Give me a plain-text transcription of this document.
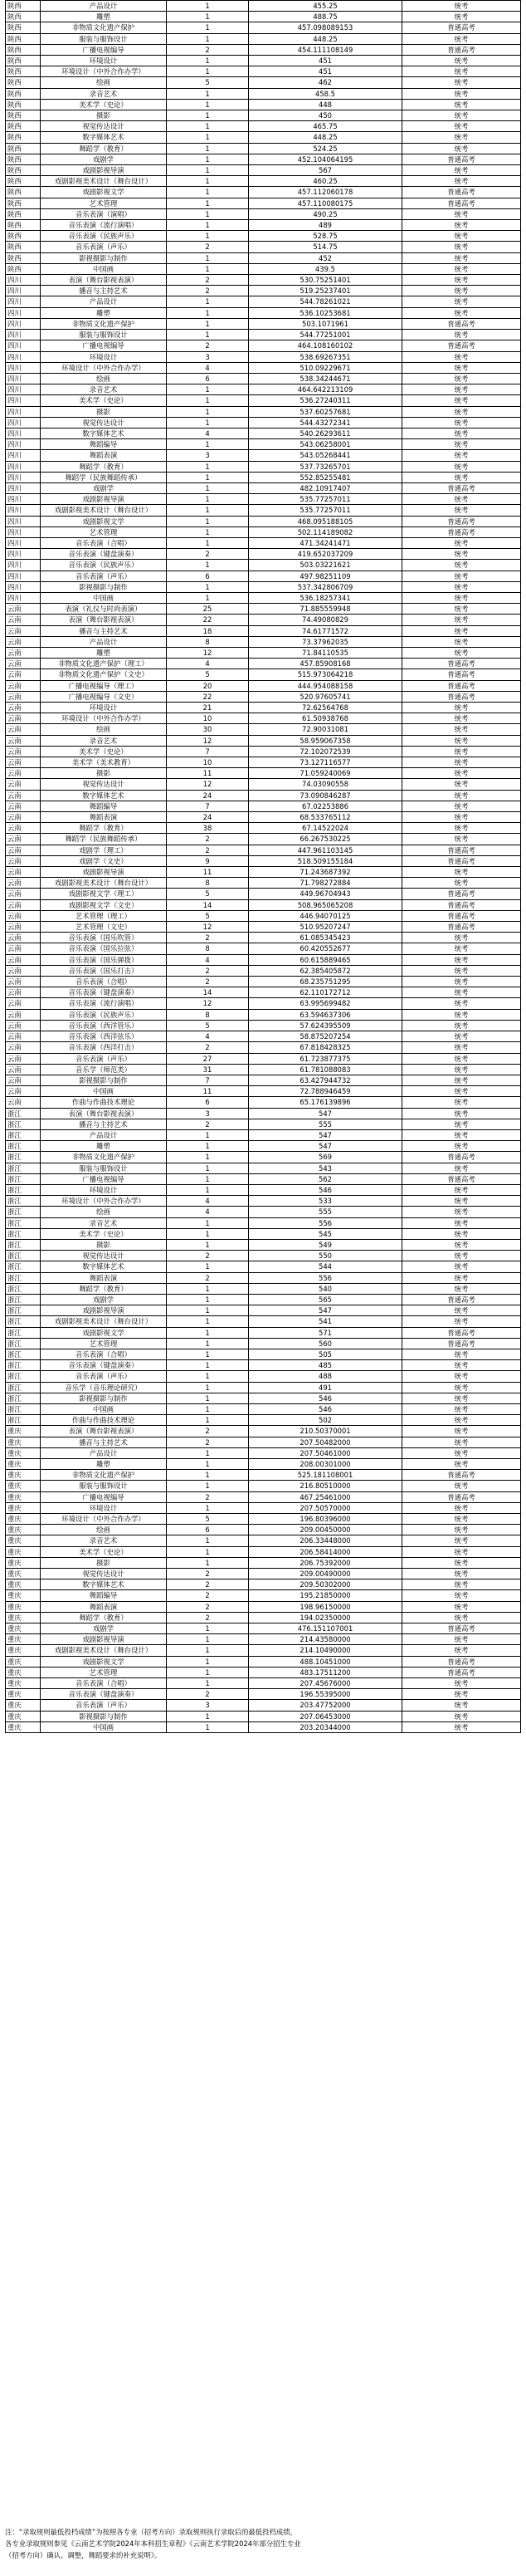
陕西	产品设计	1	455.25	统考
陕西	雕塑	1	488.75	统考
陕西	非物质文化遗产保护	1	457.098089153	普通高考
陕西	服装与服饰设计	1	448.25	统考
陕西	广播电视编导	2	454.111108149	普通高考
陕西	环境设计	1	451	统考
陕西	环境设计（中外合作办学）	1	451	统考
陕西	绘画	5	462	统考
陕西	录音艺术	1	458.5	统考
陕西	美术学（史论）	1	448	统考
陕西	摄影	1	450	统考
陕西	视觉传达设计	1	465.75	统考
陕西	数字媒体艺术	1	448.25	统考
陕西	舞蹈学（教育）	1	524.25	统考
陕西	戏剧学	1	452.104064195	普通高考
陕西	戏剧影视导演	1	567	统考
陕西	戏剧影视美术设计（舞台设计）	1	460.25	统考
陕西	戏剧影视文学	1	457.112060178	普通高考
陕西	艺术管理	1	457.110080175	普通高考
陕西	音乐表演（演唱）	1	490.25	统考
陕西	音乐表演（流行演唱）	1	489	统考
陕西	音乐表演（民族声乐）	1	528.75	统考
陕西	音乐表演（声乐）	2	514.75	统考
陕西	影视摄影与制作	1	452	统考
陕西	中国画	1	439.5	统考
四川	表演（舞台影视表演）	2	530.75251401	统考
四川	播音与主持艺术	2	519.25237401	统考
四川	产品设计	1	544.78261021	统考
四川	雕塑	1	536.10253681	统考
四川	非物质文化遗产保护	1	503.1071961	普通高考
四川	服装与服饰设计	1	544.77251001	统考
四川	广播电视编导	2	464.108160102	普通高考
四川	环境设计	3	538.69267351	统考
四川	环境设计（中外合作办学）	4	510.09229671	统考
四川	绘画	6	538.34244671	统考
四川	录音艺术	1	464.642213109	统考
四川	美术学（史论）	1	536.27240311	统考
四川	摄影	1	537.60257681	统考
四川	视觉传达设计	1	544.43272341	统考
四川	数字媒体艺术	4	540.26293611	统考
四川	舞蹈编导	1	543.06258001	统考
四川	舞蹈表演	3	543.05268441	统考
四川	舞蹈学（教育）	1	537.73265701	统考
四川	舞蹈学（民族舞蹈传承）	1	552.85255481	统考
四川	戏剧学	1	482.10917407	普通高考
四川	戏剧影视导演	1	535.77257011	统考
四川	戏剧影视美术设计（舞台设计）	1	535.77257011	统考
四川	戏剧影视文学	1	468.095188105	普通高考
四川	艺术管理	1	502.114189082	普通高考
四川	音乐表演（合唱）	1	471.34241471	统考
四川	音乐表演（键盘演奏）	2	419.652037209	统考
四川	音乐表演（民族声乐）	1	503.03221621	统考
四川	音乐表演（声乐）	6	497.98251109	统考
四川	影视摄影与制作	1	537.342806709	统考
四川	中国画	1	536.18257341	统考
云南	表演（礼仪与时尚表演）	25	71.885559948	统考
云南	表演（舞台影视表演）	22	74.49080829	统考
云南	播音与主持艺术	18	74.61771572	统考
云南	产品设计	8	73.37962035	统考
云南	雕塑	12	71.84110535	统考
云南	非物质文化遗产保护（理工）	4	457.85908168	普通高考
云南	非物质文化遗产保护（文史）	5	515.973064218	普通高考
云南	广播电视编导（理工）	20	444.954088158	普通高考
云南	广播电视编导（文史）	22	520.97605741	普通高考
云南	环境设计	21	72.62564768	统考
云南	环境设计（中外合作办学）	10	61.50938768	统考
云南	绘画	30	72.90031081	统考
云南	录音艺术	12	58.959067358	统考
云南	美术学（史论）	7	72.102072539	统考
云南	美术学（美术教育）	10	73.127116577	统考
云南	摄影	11	71.059240069	统考
云南	视觉传达设计	12	74.03090558	统考
云南	数字媒体艺术	24	73.090846287	统考
云南	舞蹈编导	7	67.02253886	统考
云南	舞蹈表演	24	68.533765112	统考
云南	舞蹈学（教育）	38	67.14522024	统考
云南	舞蹈学（民族舞蹈传承）	2	66.267530225	统考
云南	戏剧学（理工）	2	447.961103145	普通高考
云南	戏剧学（文史）	9	518.509155184	普通高考
云南	戏剧影视导演	11	71.243687392	统考
云南	戏剧影视美术设计（舞台设计）	8	71.798272884	统考
云南	戏剧影视文学（理工）	5	449.96704943	普通高考
云南	戏剧影视文学（文史）	14	508.965065208	普通高考
云南	艺术管理（理工）	5	446.94070125	普通高考
云南	艺术管理（文史）	12	510.95207247	普通高考
云南	音乐表演（国乐吹管）	2	61.085345423	统考
云南	音乐表演（国乐拉弦）	8	60.420552677	统考
云南	音乐表演（国乐弹拨）	4	60.615889465	统考
云南	音乐表演（国乐打击）	2	62.385405872	统考
云南	音乐表演（合唱）	2	68.235751295	统考
云南	音乐表演（键盘演奏）	14	62.110172712	统考
云南	音乐表演（流行演唱）	12	63.995699482	统考
云南	音乐表演（民族声乐）	8	63.594637306	统考
云南	音乐表演（西洋管乐）	5	57.624395509	统考
云南	音乐表演（西洋弦乐）	4	58.875207254	统考
云南	音乐表演（西洋打击）	2	67.818428325	统考
云南	音乐表演（声乐）	27	61.723877375	统考
云南	音乐学（师范类）	31	61.781088083	统考
云南	影视摄影与制作	7	63.427944732	统考
云南	中国画	11	72.788946459	统考
云南	作曲与作曲技术理论	6	65.176139896	统考
浙江	表演（舞台影视表演）	3	547	统考
浙江	播音与主持艺术	2	555	统考
浙江	产品设计	1	547	统考
浙江	雕塑	1	547	统考
浙江	非物质文化遗产保护	1	569	普通高考
浙江	服装与服饰设计	1	543	统考
浙江	广播电视编导	1	562	普通高考
浙江	环境设计	1	546	统考
浙江	环境设计（中外合作办学）	4	533	统考
浙江	绘画	4	555	统考
浙江	录音艺术	1	556	统考
浙江	美术学（史论）	1	545	统考
浙江	摄影	1	549	统考
浙江	视觉传达设计	2	550	统考
浙江	数字媒体艺术	1	544	统考
浙江	舞蹈表演	2	556	统考
浙江	舞蹈学（教育）	1	540	统考
浙江	戏剧学	1	565	普通高考
浙江	戏剧影视导演	1	547	统考
浙江	戏剧影视美术设计（舞台设计）	1	541	统考
浙江	戏剧影视文学	1	571	普通高考
浙江	艺术管理	1	560	普通高考
浙江	音乐表演（合唱）	1	505	统考
浙江	音乐表演（键盘演奏）	1	485	统考
浙江	音乐表演（声乐）	1	488	统考
浙江	音乐学（音乐理论研究）	1	491	统考
浙江	影视摄影与制作	1	546	统考
浙江	中国画	1	546	统考
浙江	作曲与作曲技术理论	1	502	统考
重庆	表演（舞台影视表演）	2	210.50370001	统考
重庆	播音与主持艺术	2	207.50482000	统考
重庆	产品设计	1	207.50461000	统考
重庆	雕塑	1	208.00301000	统考
重庆	非物质文化遗产保护	1	525.181108001	普通高考
重庆	服装与服饰设计	1	216.80510000	统考
重庆	广播电视编导	2	467.25461000	普通高考
重庆	环境设计	1	207.50570000	统考
重庆	环境设计（中外合作办学）	5	196.80396000	统考
重庆	绘画	6	209.00450000	统考
重庆	录音艺术	1	206.33448000	统考
重庆	美术学（史论）	1	206.58414000	统考
重庆	摄影	1	206.75392000	统考
重庆	视觉传达设计	2	209.00490000	统考
重庆	数字媒体艺术	2	209.50302000	统考
重庆	舞蹈编导	2	195.21850000	统考
重庆	舞蹈表演	2	198.96150000	统考
重庆	舞蹈学（教育）	2	194.02350000	统考
重庆	戏剧学	1	476.151107001	普通高考
重庆	戏剧影视导演	1	214.43580000	统考
重庆	戏剧影视美术设计（舞台设计）	1	214.10490000	统考
重庆	戏剧影视文学	1	488.10451000	普通高考
重庆	艺术管理	1	483.17511200	普通高考
重庆	音乐表演（合唱）	1	207.45676000	统考
重庆	音乐表演（键盘演奏）	2	196.55395000	统考
重庆	音乐表演（声乐）	3	203.47752000	统考
重庆	影视摄影与制作	1	207.06453000	统考
重庆	中国画	1	203.20344000	统考
注：“录取规则最低投档成绩”为按照各专业（招考方向）录取规则执行录取后的最低投档成绩，
各专业录取规则参见《云南艺术学院2024年本科招生章程》《云南艺术学院2024年部分招生专业
（招考方向）确认、调整，舞蹈要求的补充说明》。
